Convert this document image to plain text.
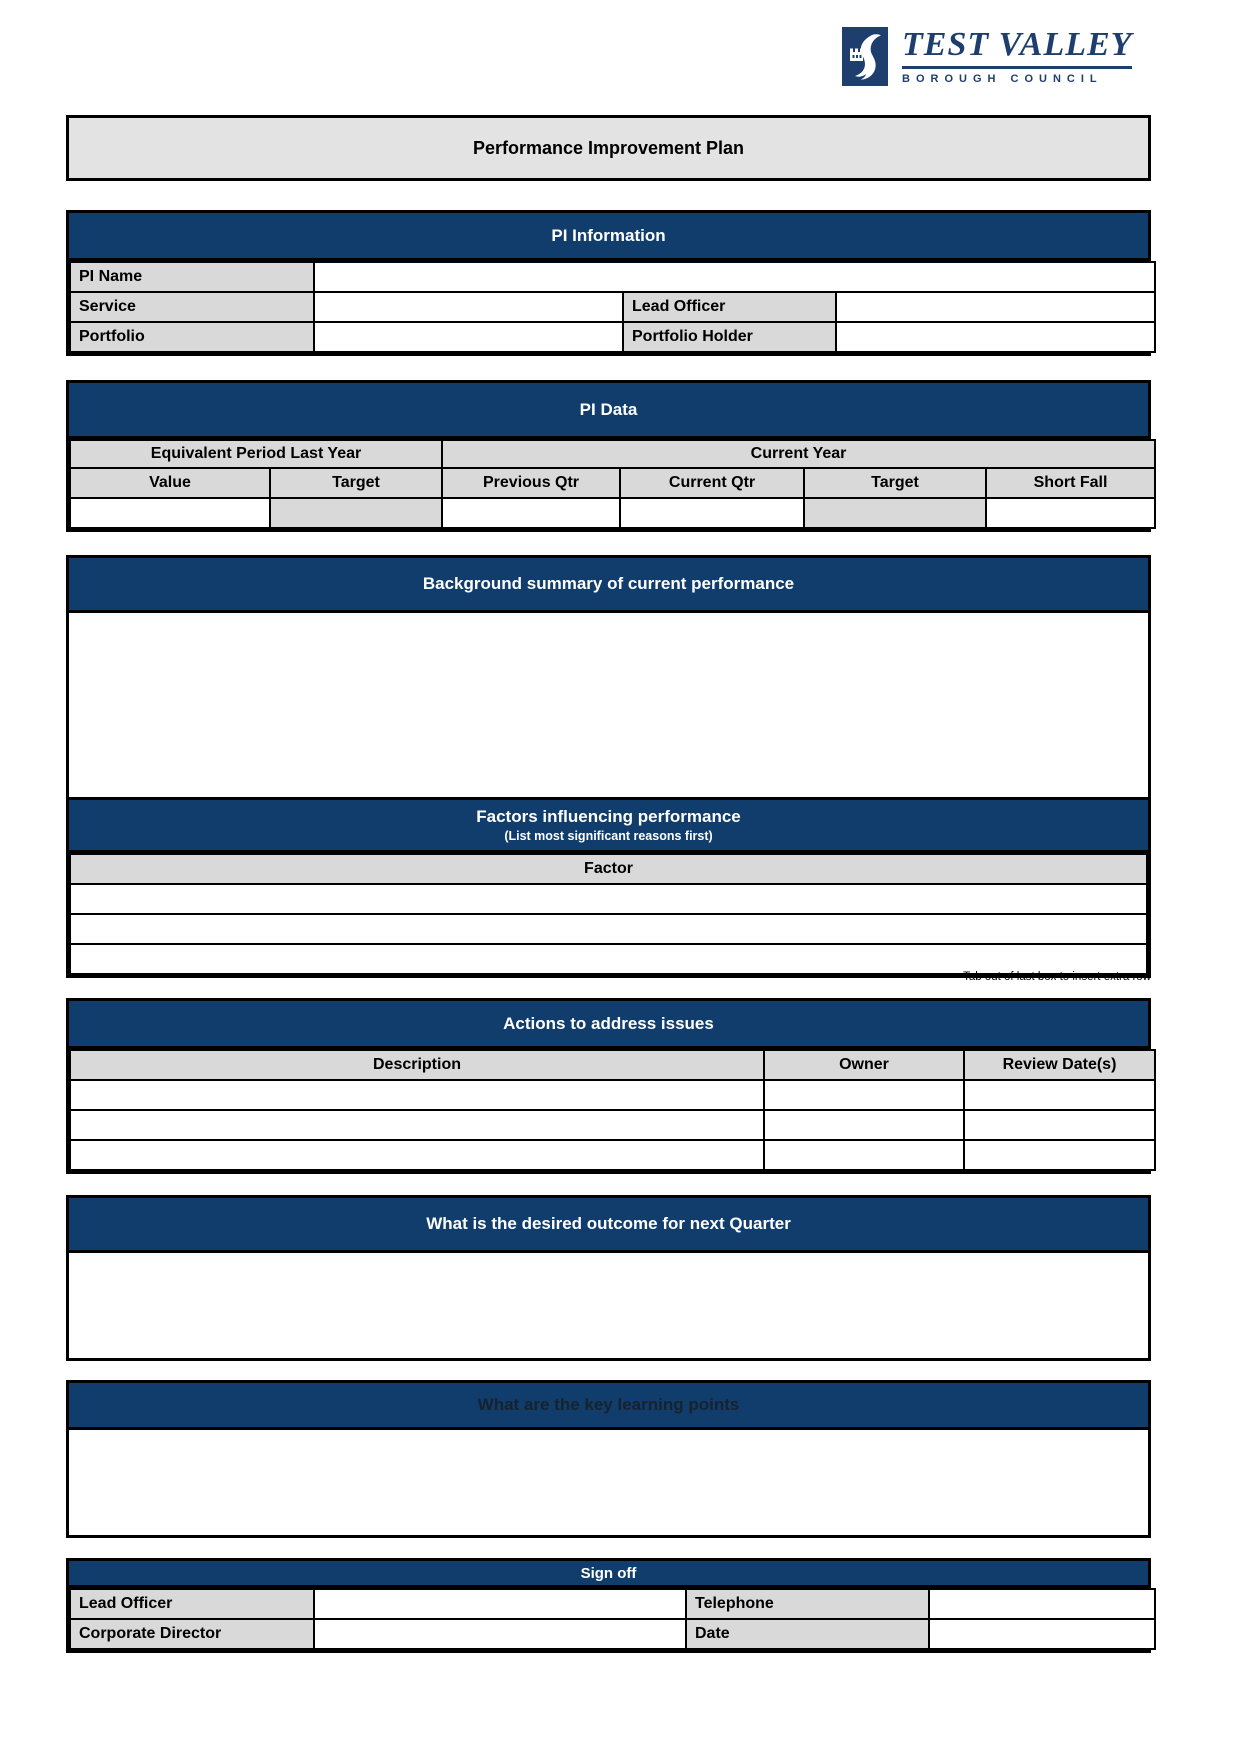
TEST VALLEY
BOROUGH COUNCIL
Performance Improvement Plan
PI Information
PI Name			
Service		Lead Officer	
Portfolio		Portfolio Holder	
PI Data
Equivalent Period Last Year		Current Year			
Value	Target	Previous Qtr	Current Qtr	Target	Short Fall

Background summary of current performance
Factors influencing performance
(List most significant reasons first)
Factor

Tab out of last box to insert extra row
Actions to address issues
Description	Owner	Review Date(s)

What is the desired outcome for next Quarter
What are the key learning points
Sign off
Lead Officer		Telephone	
Corporate Director		Date	
